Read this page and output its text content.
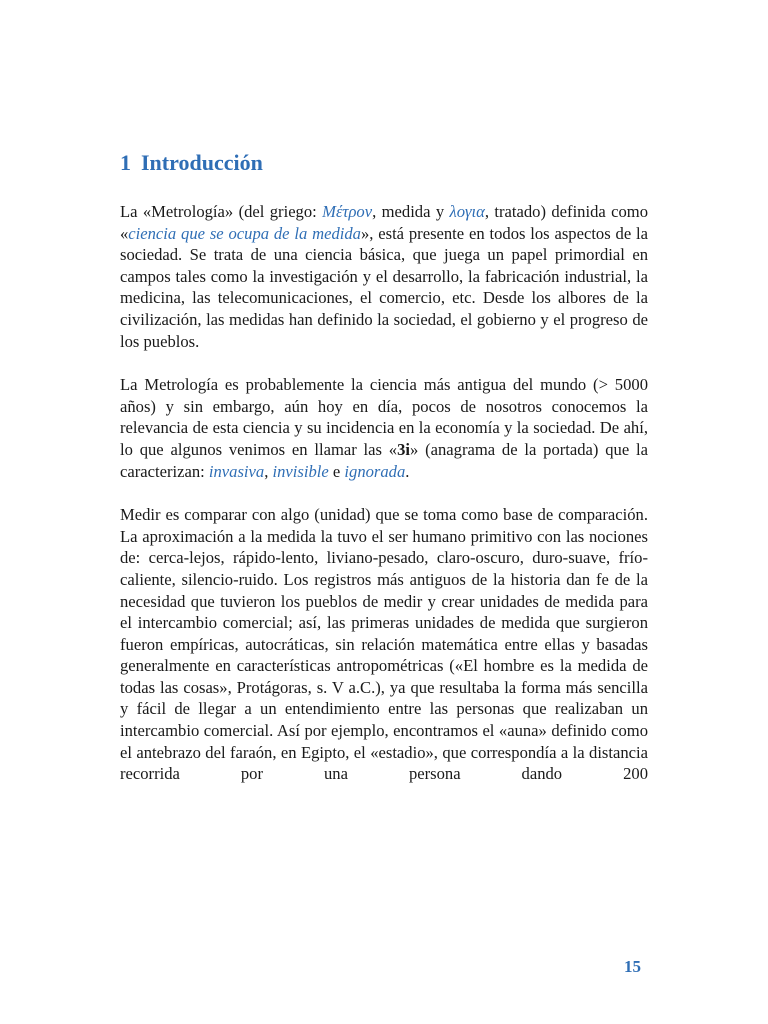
1 Introducción

La «Metrología» (del griego: Μέτρον, medida y λογια, tratado) definida como «ciencia que se ocupa de la medida», está presente en todos los aspectos de la sociedad. Se trata de una ciencia básica, que juega un papel primordial en campos tales como la investigación y el desarrollo, la fabricación industrial, la medicina, las telecomunicaciones, el comercio, etc. Desde los albores de la civilización, las medidas han definido la sociedad, el gobierno y el progreso de los pueblos.

La Metrología es probablemente la ciencia más antigua del mundo (> 5000 años) y sin embargo, aún hoy en día, pocos de nosotros conocemos la relevancia de esta ciencia y su incidencia en la economía y la sociedad. De ahí, lo que algunos venimos en llamar las «3i» (anagrama de la portada) que la caracterizan: invasiva, invisible e ignorada.

Medir es comparar con algo (unidad) que se toma como base de comparación. La aproximación a la medida la tuvo el ser humano primitivo con las nociones de: cerca-lejos, rápido-lento, liviano-pesado, claro-oscuro, duro-suave, frío-caliente, silencio-ruido. Los registros más antiguos de la historia dan fe de la necesidad que tuvieron los pueblos de medir y crear unidades de medida para el intercambio comercial; así, las primeras unidades de medida que surgieron fueron empíricas, autocráticas, sin relación matemática entre ellas y basadas generalmente en características antropométricas («El hombre es la medida de todas las cosas», Protágoras, s. V a.C.), ya que resultaba la forma más sencilla y fácil de llegar a un entendimiento entre las personas que realizaban un intercambio comercial. Así por ejemplo, encontramos el «auna» definido como el antebrazo del faraón, en Egipto, el «estadio», que correspondía a la distancia recorrida por una persona dando 200

15
